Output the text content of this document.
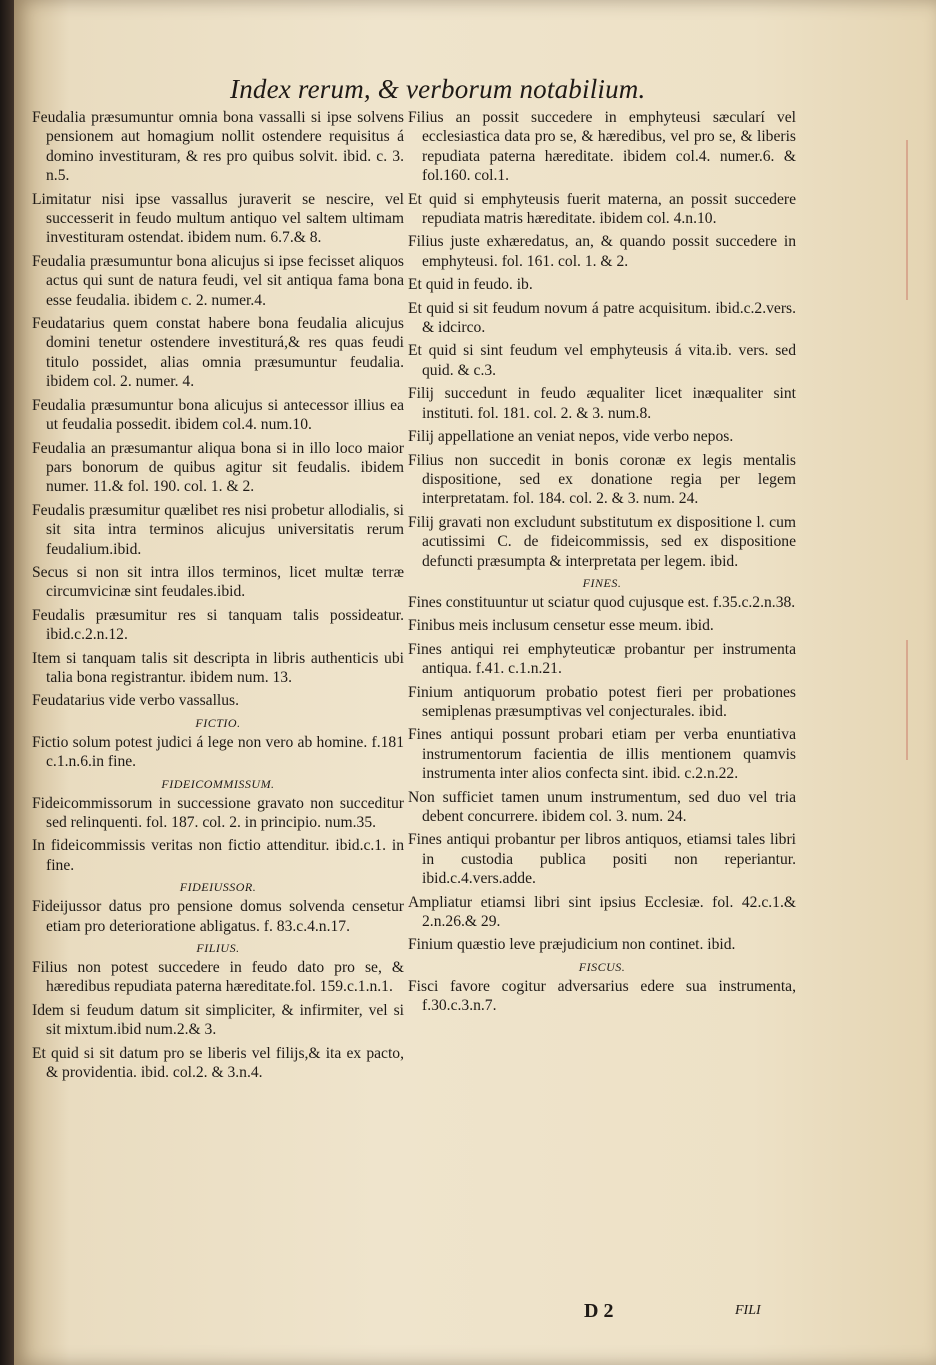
Index rerum, & verborum notabilium.
Feudalia præsumuntur omnia bona vassalli si ipse solvens pensionem aut homagium nollit ostendere requisitus á domino investituram, & res pro quibus solvit. ibid. c. 3. n.5.
Limitatur nisi ipse vassallus juraverit se nescire, vel successerit in feudo multum antiquo vel saltem ultimam investituram ostendat. ibidem num. 6.7.& 8.
Feudalia præsumuntur bona alicujus si ipse fecisset aliquos actus qui sunt de natura feudi, vel sit antiqua fama bona esse feudalia. ibidem c. 2. numer.4.
Feudatarius quem constat habere bona feudalia alicujus domini tenetur ostendere investiturá,& res quas feudi titulo possidet, alias omnia præsumuntur feudalia. ibidem col. 2. numer. 4.
Feudalia præsumuntur bona alicujus si antecessor illius ea ut feudalia possedit. ibidem col.4. num.10.
Feudalia an præsumantur aliqua bona si in illo loco maior pars bonorum de quibus agitur sit feudalis. ibidem numer. 11.& fol. 190. col. 1. & 2.
Feudalis præsumitur quælibet res nisi probetur allodialis, si sit sita intra terminos alicujus universitatis rerum feudalium.ibid.
Secus si non sit intra illos terminos, licet multæ terræ circumvicinæ sint feudales.ibid.
Feudalis præsumitur res si tanquam talis possideatur. ibid.c.2.n.12.
Item si tanquam talis sit descripta in libris authenticis ubi talia bona registrantur. ibidem num. 13.
Feudatarius vide verbo vassallus.
FICTIO.
Fictio solum potest judici á lege non vero ab homine. f.181 c.1.n.6.in fine.
FIDEICOMMISSUM.
Fideicommissorum in successione gravato non succeditur sed relinquenti. fol. 187. col. 2. in principio. num.35.
In fideicommissis veritas non fictio attenditur. ibid.c.1. in fine.
FIDEIUSSOR.
Fideijussor datus pro pensione domus solvenda censetur etiam pro deterioratione abligatus. f. 83.c.4.n.17.
FILIUS.
Filius non potest succedere in feudo dato pro se, & hæredibus repudiata paterna hæreditate.fol. 159.c.1.n.1.
Idem si feudum datum sit simpliciter, & infirmiter, vel si sit mixtum.ibid num.2.& 3.
Et quid si sit datum pro se liberis vel filijs,& ita ex pacto, & providentia. ibid. col.2. & 3.n.4.
Filius an possit succedere in emphyteusi sæcularí vel ecclesiastica data pro se, & hæredibus, vel pro se, & liberis repudiata paterna hæreditate. ibidem col.4. numer.6. & fol.160. col.1.
Et quid si emphyteusis fuerit materna, an possit succedere repudiata matris hæreditate. ibidem col. 4.n.10.
Filius juste exhæredatus, an, & quando possit succedere in emphyteusi. fol. 161. col. 1. & 2.
Et quid in feudo. ib.
Et quid si sit feudum novum á patre acquisitum. ibid.c.2.vers. & idcirco.
Et quid si sint feudum vel emphyteusis á vita.ib. vers. sed quid. & c.3.
Filij succedunt in feudo æqualiter licet inæqualiter sint instituti. fol. 181. col. 2. & 3. num.8.
Filij appellatione an veniat nepos, vide verbo nepos.
Filius non succedit in bonis coronæ ex legis mentalis dispositione, sed ex donatione regia per legem interpretatam. fol. 184. col. 2. & 3. num. 24.
Filij gravati non excludunt substitutum ex dispositione l. cum acutissimi C. de fideicommissis, sed ex dispositione defuncti præsumpta & interpretata per legem. ibid.
FINES.
Fines constituuntur ut sciatur quod cujusque est. f.35.c.2.n.38.
Finibus meis inclusum censetur esse meum. ibid.
Fines antiqui rei emphyteuticæ probantur per instrumenta antiqua. f.41. c.1.n.21.
Finium antiquorum probatio potest fieri per probationes semiplenas præsumptivas vel conjecturales. ibid.
Fines antiqui possunt probari etiam per verba enuntiativa instrumentorum facientia de illis mentionem quamvis instrumenta inter alios confecta sint. ibid. c.2.n.22.
Non sufficiet tamen unum instrumentum, sed duo vel tria debent concurrere. ibidem col. 3. num. 24.
Fines antiqui probantur per libros antiquos, etiamsi tales libri in custodia publica positi non reperiantur. ibid.c.4.vers.adde.
Ampliatur etiamsi libri sint ipsius Ecclesiæ. fol. 42.c.1.& 2.n.26.& 29.
Finium quæstio leve præjudicium non continet. ibid.
FISCUS.
Fisci favore cogitur adversarius edere sua instrumenta, f.30.c.3.n.7.
D 2	FILI
